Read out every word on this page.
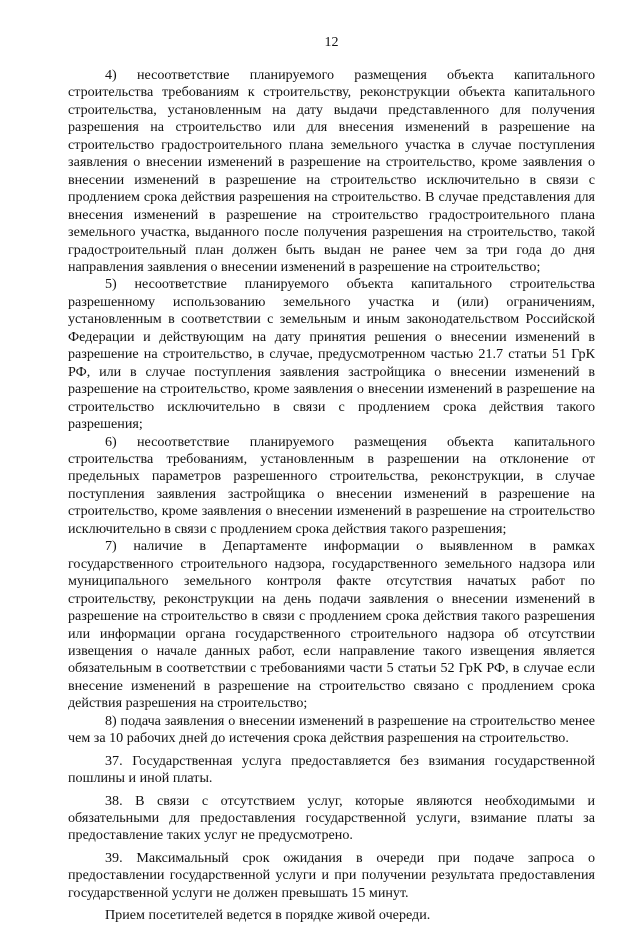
12

4) несоответствие планируемого размещения объекта капитального строительства требованиям к строительству, реконструкции объекта капитального строительства, установленным на дату выдачи представленного для получения разрешения на строительство или для внесения изменений в разрешение на строительство градостроительного плана земельного участка в случае поступления заявления о внесении изменений в разрешение на строительство, кроме заявления о внесении изменений в разрешение на строительство исключительно в связи с продлением срока действия разрешения на строительство. В случае представления для внесения изменений в разрешение на строительство градостроительного плана земельного участка, выданного после получения разрешения на строительство, такой градостроительный план должен быть выдан не ранее чем за три года до дня направления заявления о внесении изменений в разрешение на строительство;

5) несоответствие планируемого объекта капитального строительства разрешенному использованию земельного участка и (или) ограничениям, установленным в соответствии с земельным и иным законодательством Российской Федерации и действующим на дату принятия решения о внесении изменений в разрешение на строительство, в случае, предусмотренном частью 21.7 статьи 51 ГрК РФ, или в случае поступления заявления застройщика о внесении изменений в разрешение на строительство, кроме заявления о внесении изменений в разрешение на строительство исключительно в связи с продлением срока действия такого разрешения;

6) несоответствие планируемого размещения объекта капитального строительства требованиям, установленным в разрешении на отклонение от предельных параметров разрешенного строительства, реконструкции, в случае поступления заявления застройщика о внесении изменений в разрешение на строительство, кроме заявления о внесении изменений в разрешение на строительство исключительно в связи с продлением срока действия такого разрешения;

7) наличие в Департаменте информации о выявленном в рамках государственного строительного надзора, государственного земельного надзора или муниципального земельного контроля факте отсутствия начатых работ по строительству, реконструкции на день подачи заявления о внесении изменений в разрешение на строительство в связи с продлением срока действия такого разрешения или информации органа государственного строительного надзора об отсутствии извещения о начале данных работ, если направление такого извещения является обязательным в соответствии с требованиями части 5 статьи 52 ГрК РФ, в случае если внесение изменений в разрешение на строительство связано с продлением срока действия разрешения на строительство;

8) подача заявления о внесении изменений в разрешение на строительство менее чем за 10 рабочих дней до истечения срока действия разрешения на строительство.

37. Государственная услуга предоставляется без взимания государственной пошлины и иной платы.

38. В связи с отсутствием услуг, которые являются необходимыми и обязательными для предоставления государственной услуги, взимание платы за предоставление таких услуг не предусмотрено.

39. Максимальный срок ожидания в очереди при подаче запроса о предоставлении государственной услуги и при получении результата предоставления государственной услуги не должен превышать 15 минут.

Прием посетителей ведется в порядке живой очереди.
